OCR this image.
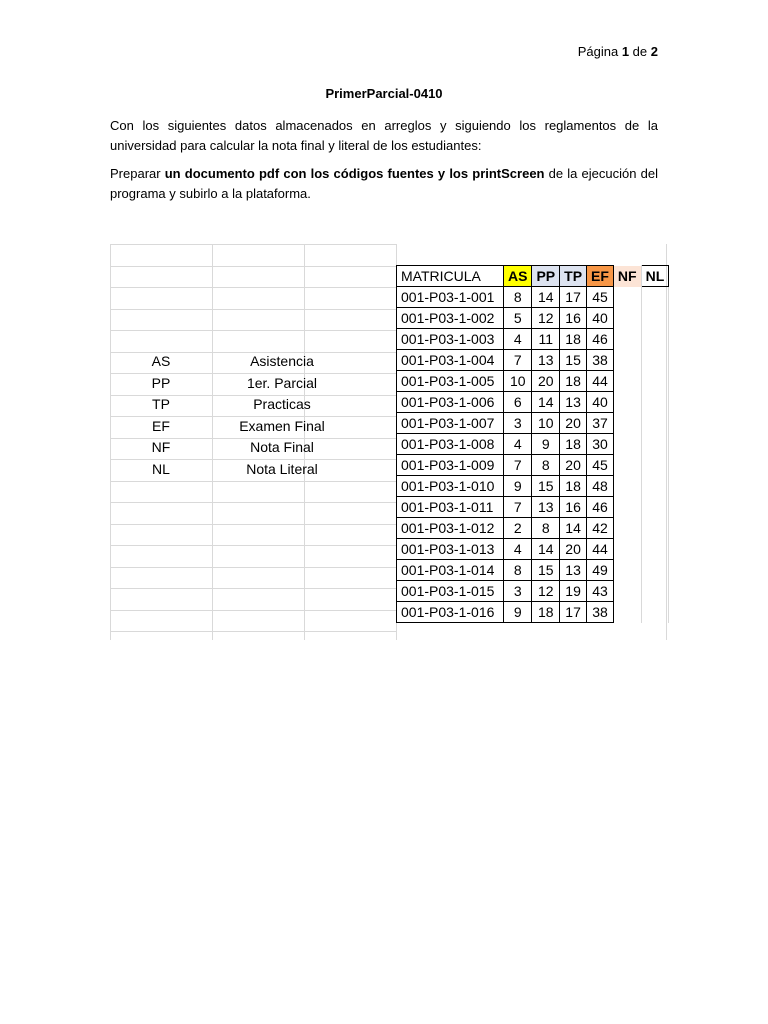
Página 1 de 2
PrimerParcial-0410
Con los siguientes datos almacenados en arreglos y siguiendo los reglamentos de la universidad para calcular la nota final y literal de los estudiantes:
Preparar un documento pdf con los códigos fuentes y los printScreen de la ejecución del programa y subirlo a la plataforma.
AS	Asistencia
PP	1er. Parcial
TP	Practicas
EF	Examen Final
NF	Nota Final
NL	Nota Literal
MATRICULA	AS	PP	TP	EF	NF	NL
001-P03-1-001	8	14	17	45		
001-P03-1-002	5	12	16	40		
001-P03-1-003	4	11	18	46		
001-P03-1-004	7	13	15	38		
001-P03-1-005	10	20	18	44		
001-P03-1-006	6	14	13	40		
001-P03-1-007	3	10	20	37		
001-P03-1-008	4	9	18	30		
001-P03-1-009	7	8	20	45		
001-P03-1-010	9	15	18	48		
001-P03-1-011	7	13	16	46		
001-P03-1-012	2	8	14	42		
001-P03-1-013	4	14	20	44		
001-P03-1-014	8	15	13	49		
001-P03-1-015	3	12	19	43		
001-P03-1-016	9	18	17	38		
